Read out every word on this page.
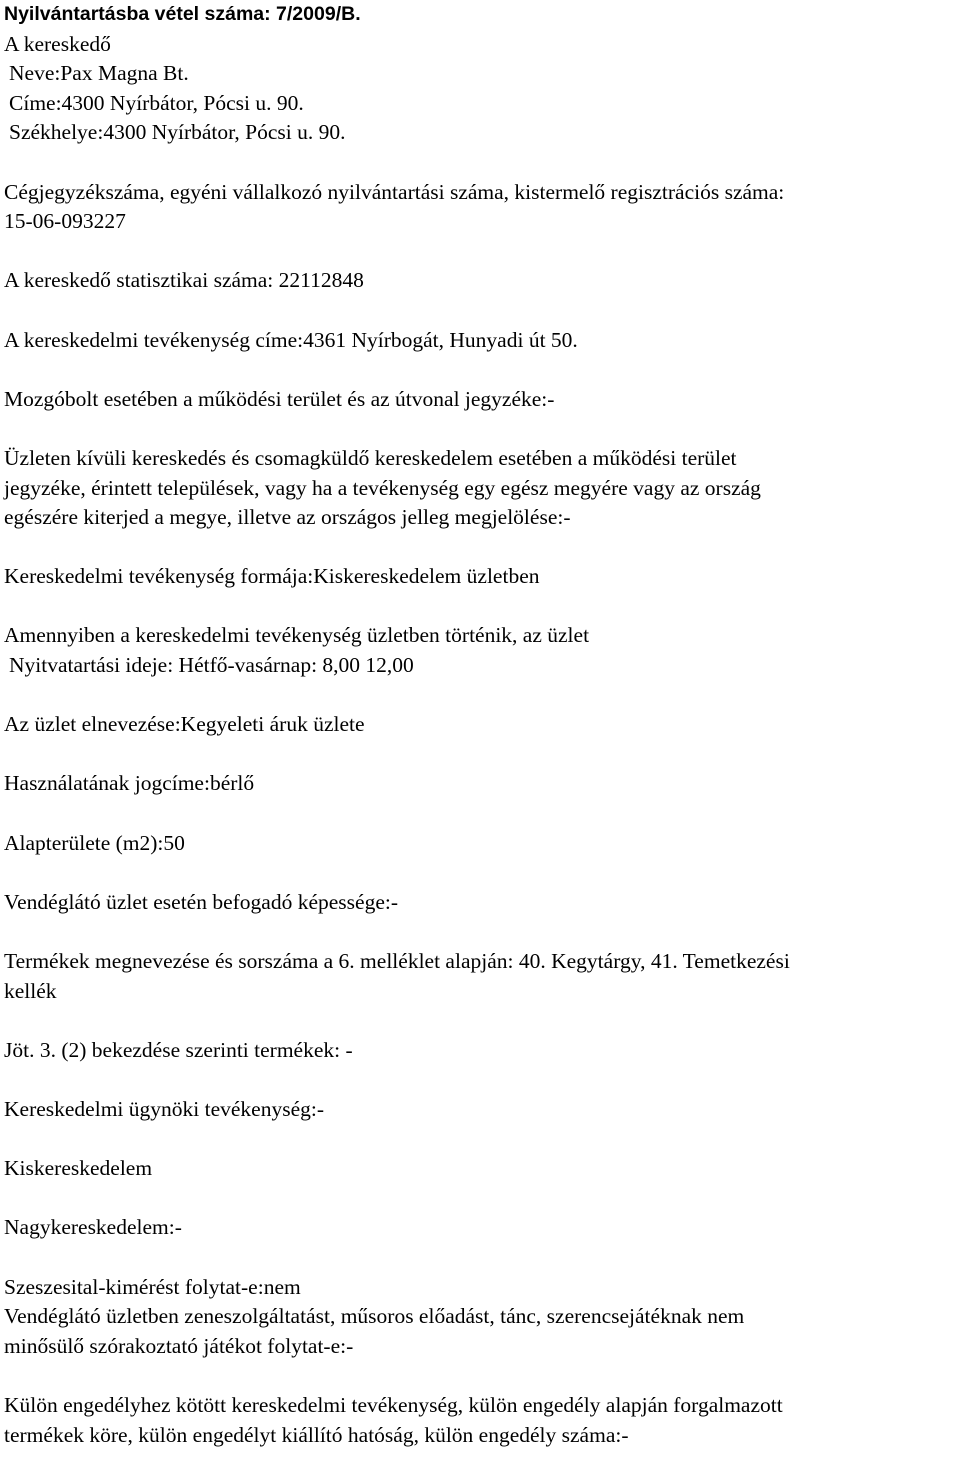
Nyilvántartásba vétel száma: 7/2009/B.
A kereskedő
Neve:Pax Magna Bt.
Címe:4300 Nyírbátor, Pócsi u. 90.
Székhelye:4300 Nyírbátor, Pócsi u. 90.
Cégjegyzékszáma, egyéni vállalkozó nyilvántartási száma, kistermelő regisztrációs száma:
15-06-093227
A kereskedő statisztikai száma: 22112848
A kereskedelmi tevékenység címe:4361 Nyírbogát, Hunyadi út 50.
Mozgóbolt esetében a működési terület és az útvonal jegyzéke:-
Üzleten kívüli kereskedés és csomagküldő kereskedelem esetében a működési terület
jegyzéke, érintett települések, vagy ha a tevékenység egy egész megyére vagy az ország
egészére kiterjed a megye, illetve az országos jelleg megjelölése:-
Kereskedelmi tevékenység formája:Kiskereskedelem üzletben
Amennyiben a kereskedelmi tevékenység üzletben történik, az üzlet
Nyitvatartási ideje: Hétfő-vasárnap: 8,00 12,00
Az üzlet elnevezése:Kegyeleti áruk üzlete
Használatának jogcíme:bérlő
Alapterülete (m2):50
Vendéglátó üzlet esetén befogadó képessége:-
Termékek megnevezése és sorszáma a 6. melléklet alapján: 40. Kegytárgy, 41. Temetkezési
kellék
Jöt. 3. (2) bekezdése szerinti termékek: -
Kereskedelmi ügynöki tevékenység:-
Kiskereskedelem
Nagykereskedelem:-
Szeszesital-kimérést folytat-e:nem
Vendéglátó üzletben zeneszolgáltatást, műsoros előadást, tánc, szerencsejátéknak nem
minősülő szórakoztató játékot folytat-e:-
Külön engedélyhez kötött kereskedelmi tevékenység, külön engedély alapján forgalmazott
termékek köre, külön engedélyt kiállító hatóság, külön engedély száma:-
